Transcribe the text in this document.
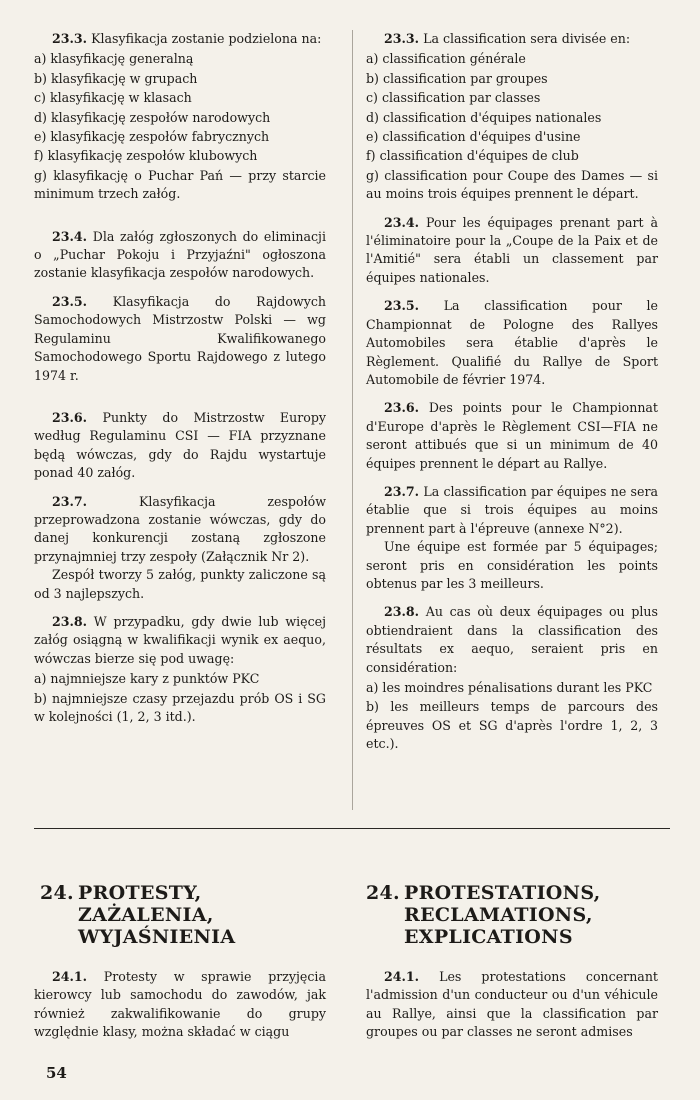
23.3. Klasyfikacja zostanie podzielona na:

a) klasyfikację generalną
b) klasyfikację w grupach
c) klasyfikację w klasach
d) klasyfikację zespołów narodowych
e) klasyfikację zespołów fabrycznych
f) klasyfikację zespołów klubowych
g) klasyfikację o Puchar Pań — przy starcie minimum trzech załóg.

23.4. Dla załóg zgłoszonych do eliminacji o „Puchar Pokoju i Przyjaźni" ogłoszona zostanie klasyfikacja zespołów narodowych.

23.5. Klasyfikacja do Rajdowych Samochodowych Mistrzostw Polski — wg Regulaminu Kwalifikowanego Samochodowego Sportu Rajdowego z lutego 1974 r.

23.6. Punkty do Mistrzostw Europy według Regulaminu CSI — FIA przyznane będą wówczas, gdy do Rajdu wystartuje ponad 40 załóg.

23.7.	Klasyfikacja zespołów przeprowadzona zostanie wówczas, gdy do danej konkurencji zostaną zgłoszone przynajmniej trzy zespoły (Załącznik Nr 2).

Zespół tworzy 5 załóg, punkty zaliczone są od 3 najlepszych.

23.8. W przypadku, gdy dwie lub więcej załóg osiągną w kwalifikacji wynik ex aequo, wówczas bierze się pod uwagę:

a) najmniejsze kary z punktów PKC
b) najmniejsze czasy przejazdu prób OS i SG w kolejności (1, 2, 3 itd.).

23.3. La classification sera divisée en:

a) classification générale
b) classification par groupes
c) classification par classes
d) classification d'équipes nationales
e) classification d'équipes d'usine
f) classification d'équipes de club
g) classification pour Coupe des Dames — si au moins trois équipes prennent le départ.

23.4. Pour les équipages prenant part à l'éliminatoire pour la „Coupe de la Paix et de l'Amitié" sera établi un classement par équipes nationales.

23.5. La classification pour le Championnat de Pologne des Rallyes Automobiles sera établie d'après le Règlement. Qualifié du Rallye de Sport Automobile de février 1974.

23.6. Des points pour le Championnat d'Europe d'après le Règlement CSI—FIA ne seront attibués que si un minimum de 40 équipes prennent le départ au Rallye.

23.7. La classification par équipes ne sera établie que si trois équipes au moins prennent part à l'épreuve (annexe N°2).

Une équipe est formée par 5 équipages; seront pris en considération les points obtenus par les 3 meilleurs.

23.8. Au cas où deux équipages ou plus obtiendraient dans la classification des résultats ex aequo, seraient pris en considération:

a) les moindres pénalisations durant les PKC
b) les meilleurs temps de parcours des épreuves OS et SG d'après l'ordre 1, 2, 3 etc.).
24. PROTESTY, ZAŻALENIA, WYJAŚNIENIA
24. PROTESTATIONS, RECLAMATIONS, EXPLICATIONS

24.1. Protesty w sprawie przyjęcia kierowcy lub samochodu do zawodów, jak również zakwalifikowanie do grupy względnie klasy, można składać w ciągu

24.1. Les protestations concernant l'admission d'un conducteur ou d'un véhicule au Rallye, ainsi que la classification par groupes ou par classes ne seront admises

54
